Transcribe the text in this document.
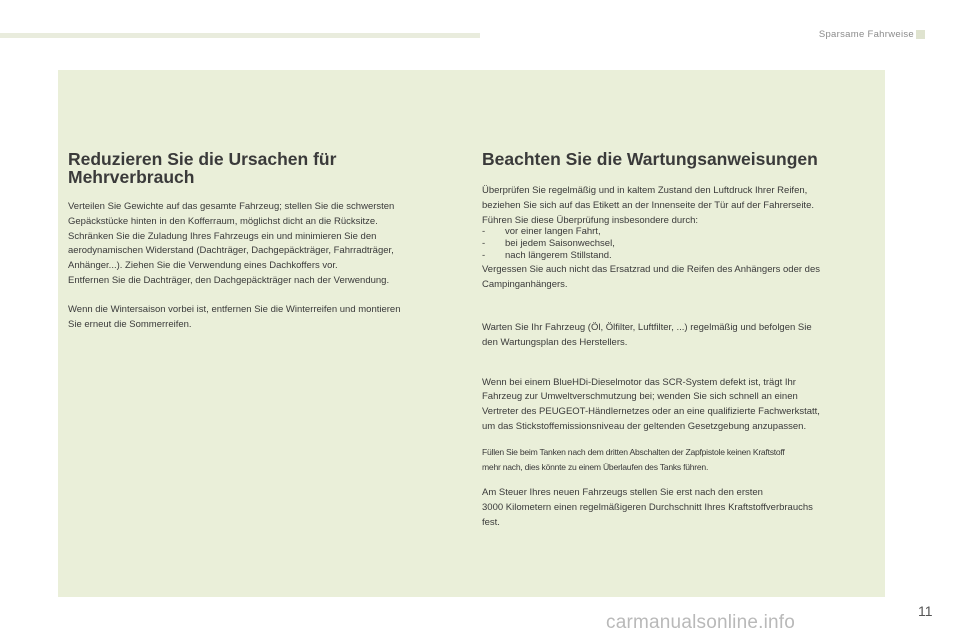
Sparsame Fahrweise
Reduzieren Sie die Ursachen für
Mehrverbrauch

Verteilen Sie Gewichte auf das gesamte Fahrzeug; stellen Sie die schwersten
Gepäckstücke hinten in den Kofferraum, möglichst dicht an die Rücksitze.
Schränken Sie die Zuladung Ihres Fahrzeugs ein und minimieren Sie den
aerodynamischen Widerstand (Dachträger, Dachgepäckträger, Fahrradträger,
Anhänger...). Ziehen Sie die Verwendung eines Dachkoffers vor.
Entfernen Sie die Dachträger, den Dachgepäckträger nach der Verwendung.

Wenn die Wintersaison vorbei ist, entfernen Sie die Winterreifen und montieren
Sie erneut die Sommerreifen.

Beachten Sie die Wartungsanweisungen

Überprüfen Sie regelmäßig und in kaltem Zustand den Luftdruck Ihrer Reifen,
beziehen Sie sich auf das Etikett an der Innenseite der Tür auf der Fahrerseite.

Führen Sie diese Überprüfung insbesondere durch:

- vor einer langen Fahrt,
- bei jedem Saisonwechsel,
- nach längerem Stillstand.

Vergessen Sie auch nicht das Ersatzrad und die Reifen des Anhängers oder des
Campinganhängers.

Warten Sie Ihr Fahrzeug (Öl, Ölfilter, Luftfilter, ...) regelmäßig und befolgen Sie
den Wartungsplan des Herstellers.

Wenn bei einem BlueHDi-Dieselmotor das SCR-System defekt ist, trägt Ihr
Fahrzeug zur Umweltverschmutzung bei; wenden Sie sich schnell an einen
Vertreter des PEUGEOT-Händlernetzes oder an eine qualifizierte Fachwerkstatt,
um das Stickstoffemissionsniveau der geltenden Gesetzgebung anzupassen.

Füllen Sie beim Tanken nach dem dritten Abschalten der Zapfpistole keinen Kraftstoff
mehr nach, dies könnte zu einem Überlaufen des Tanks führen.

Am Steuer Ihres neuen Fahrzeugs stellen Sie erst nach den ersten
3000 Kilometern einen regelmäßigeren Durchschnitt Ihres Kraftstoffverbrauchs
fest.

11
carmanualsonline.info
